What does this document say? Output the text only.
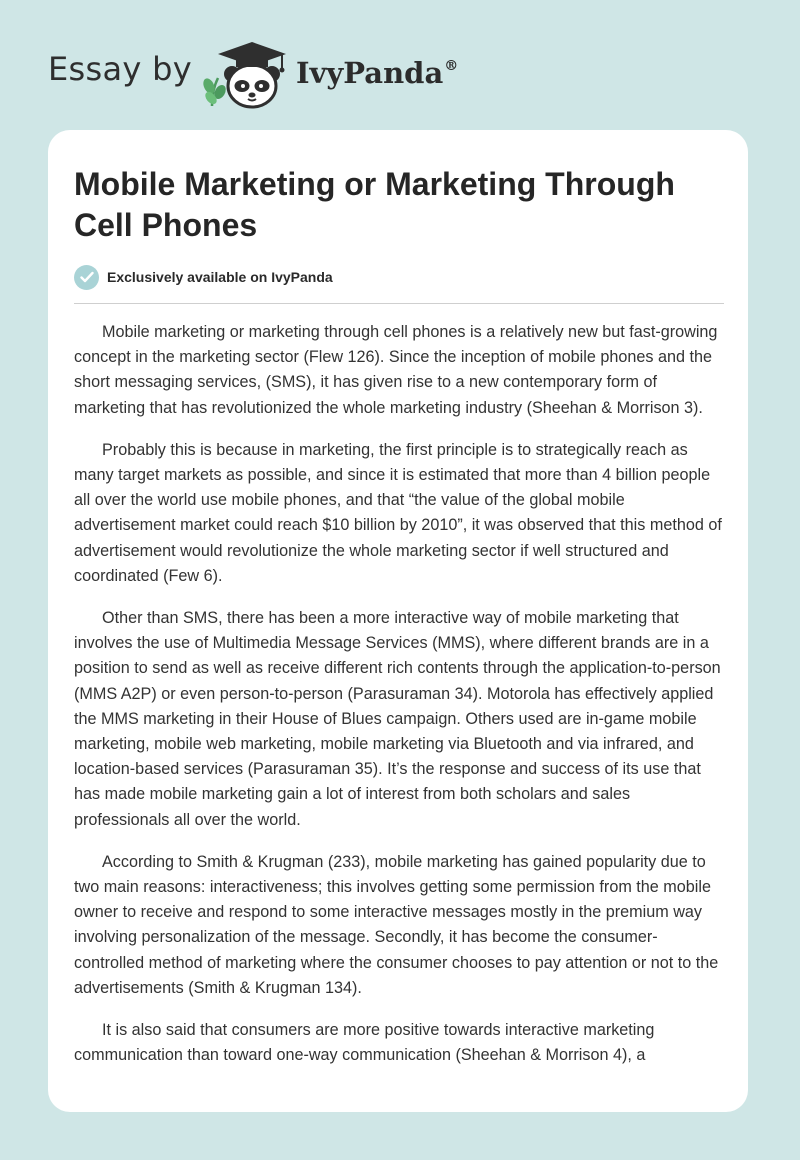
Essay by	IvyPanda®
Mobile Marketing or Marketing Through Cell Phones
Exclusively available on IvyPanda

Mobile marketing or marketing through cell phones is a relatively new but fast-growing concept in the marketing sector (Flew 126). Since the inception of mobile phones and the short messaging services, (SMS), it has given rise to a new contemporary form of marketing that has revolutionized the whole marketing industry (Sheehan & Morrison 3).

Probably this is because in marketing, the first principle is to strategically reach as many target markets as possible, and since it is estimated that more than 4 billion people all over the world use mobile phones, and that “the value of the global mobile advertisement market could reach $10 billion by 2010”, it was observed that this method of advertisement would revolutionize the whole marketing sector if well structured and coordinated (Few 6).

Other than SMS, there has been a more interactive way of mobile marketing that involves the use of Multimedia Message Services (MMS), where different brands are in a position to send as well as receive different rich contents through the application-to-person (MMS A2P) or even person-to-person (Parasuraman 34). Motorola has effectively applied the MMS marketing in their House of Blues campaign. Others used are in-game mobile marketing, mobile web marketing, mobile marketing via Bluetooth and via infrared, and location-based services (Parasuraman 35). It’s the response and success of its use that has made mobile marketing gain a lot of interest from both scholars and sales professionals all over the world.

According to Smith & Krugman (233), mobile marketing has gained popularity due to two main reasons: interactiveness; this involves getting some permission from the mobile owner to receive and respond to some interactive messages mostly in the premium way involving personalization of the message. Secondly, it has become the consumer-controlled method of marketing where the consumer chooses to pay attention or not to the advertisements (Smith & Krugman 134).

It is also said that consumers are more positive towards interactive marketing communication than toward one-way communication (Sheehan & Morrison 4), a
